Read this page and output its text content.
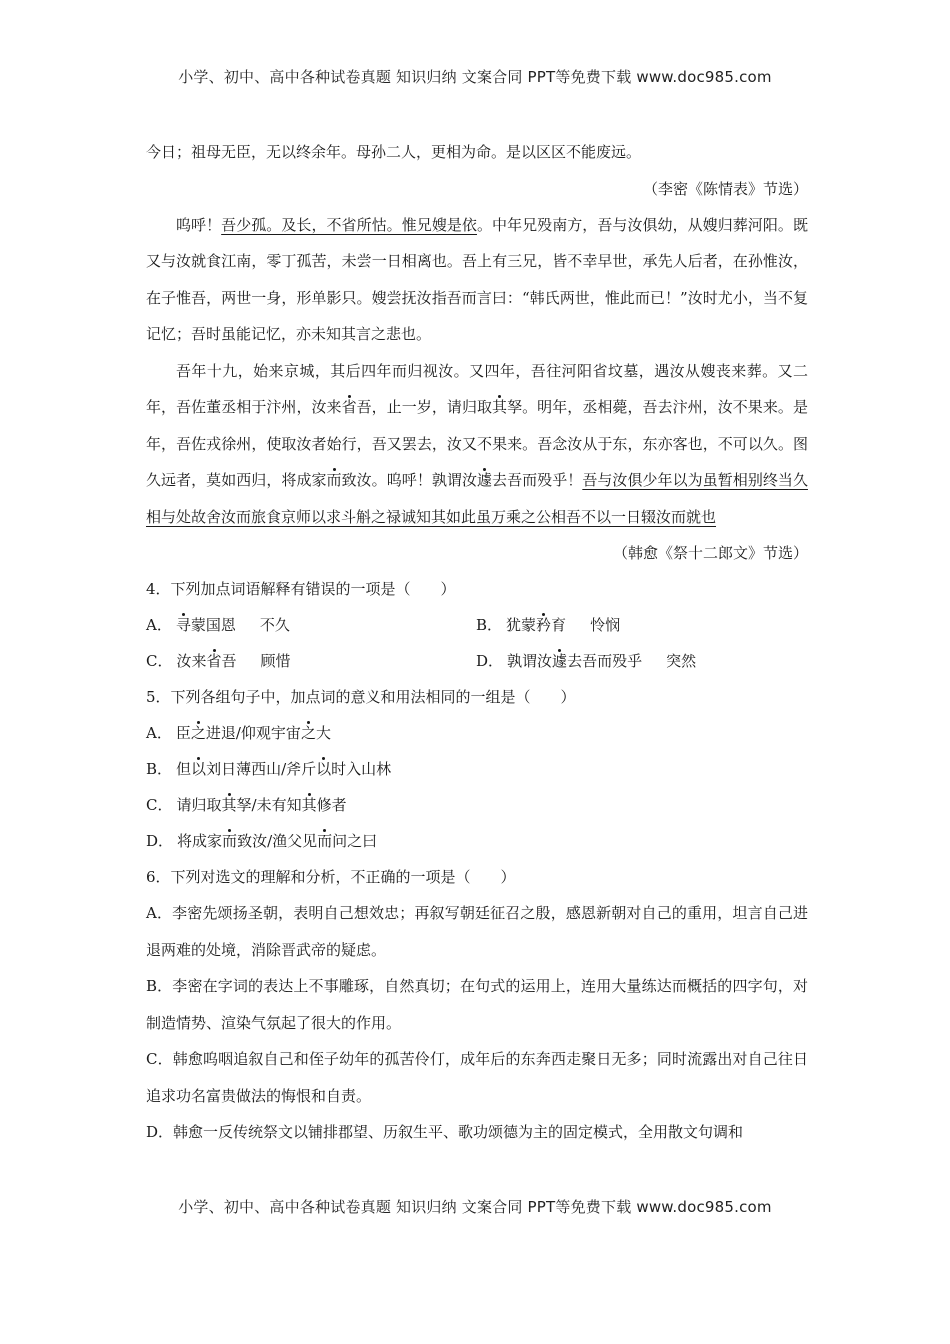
小学、初中、高中各种试卷真题 知识归纳 文案合同 PPT等免费下载 www.doc985.com

今日；祖母无臣，无以终余年。母孙二人，更相为命。是以区区不能废远。

（李密《陈情表》节选）

呜呼！吾少孤。及长，不省所怙。惟兄嫂是依。中年兄殁南方，吾与汝俱幼，从嫂归葬河阳。既又与汝就食江南，零丁孤苦，未尝一日相离也。吾上有三兄，皆不幸早世，承先人后者，在孙惟汝，在子惟吾，两世一身，形单影只。嫂尝抚汝指吾而言曰：“韩氏两世，惟此而已！”汝时尤小，当不复记忆；吾时虽能记忆，亦未知其言之悲也。

吾年十九，始来京城，其后四年而归视汝。又四年，吾往河阳省坟墓，遇汝从嫂丧来葬。又二年，吾佐董丞相于汴州，汝来省吾，止一岁，请归取其孥。明年，丞相薨，吾去汴州，汝不果来。是年，吾佐戎徐州，使取汝者始行，吾又罢去，汝又不果来。吾念汝从于东，东亦客也，不可以久。图久远者，莫如西归，将成家而致汝。呜呼！孰谓汝遽去吾而殁乎！吾与汝俱少年以为虽暂相别终当久相与处故舍汝而旅食京师以求斗斛之禄诚知其如此虽万乘之公相吾不以一日辍汝而就也

（韩愈《祭十二郎文》节选）

4．下列加点词语解释有错误的一项是（　　）

A． 寻蒙国恩 不久	B． 犹蒙矜育 怜悯
C． 汝来省吾 顾惜	D． 孰谓汝遽去吾而殁乎 突然

5．下列各组句子中，加点词的意义和用法相同的一组是（　　）

A． 臣之进退/仰观宇宙之大

B． 但以刘日薄西山/斧斤以时入山林

C． 请归取其孥/未有知其修者

D． 将成家而致汝/渔父见而问之曰

6．下列对选文的理解和分析，不正确的一项是（　　）

A．李密先颂扬圣朝，表明自己想效忠；再叙写朝廷征召之殷，感恩新朝对自己的重用，坦言自己进退两难的处境，消除晋武帝的疑虑。

B．李密在字词的表达上不事雕琢，自然真切；在句式的运用上，连用大量练达而概括的四字句，对制造情势、渲染气氛起了很大的作用。

C．韩愈呜咽追叙自己和侄子幼年的孤苦伶仃，成年后的东奔西走聚日无多；同时流露出对自己往日追求功名富贵做法的悔恨和自责。

D．韩愈一反传统祭文以铺排郡望、历叙生平、歌功颂德为主的固定模式，全用散文句调和

小学、初中、高中各种试卷真题 知识归纳 文案合同 PPT等免费下载 www.doc985.com
